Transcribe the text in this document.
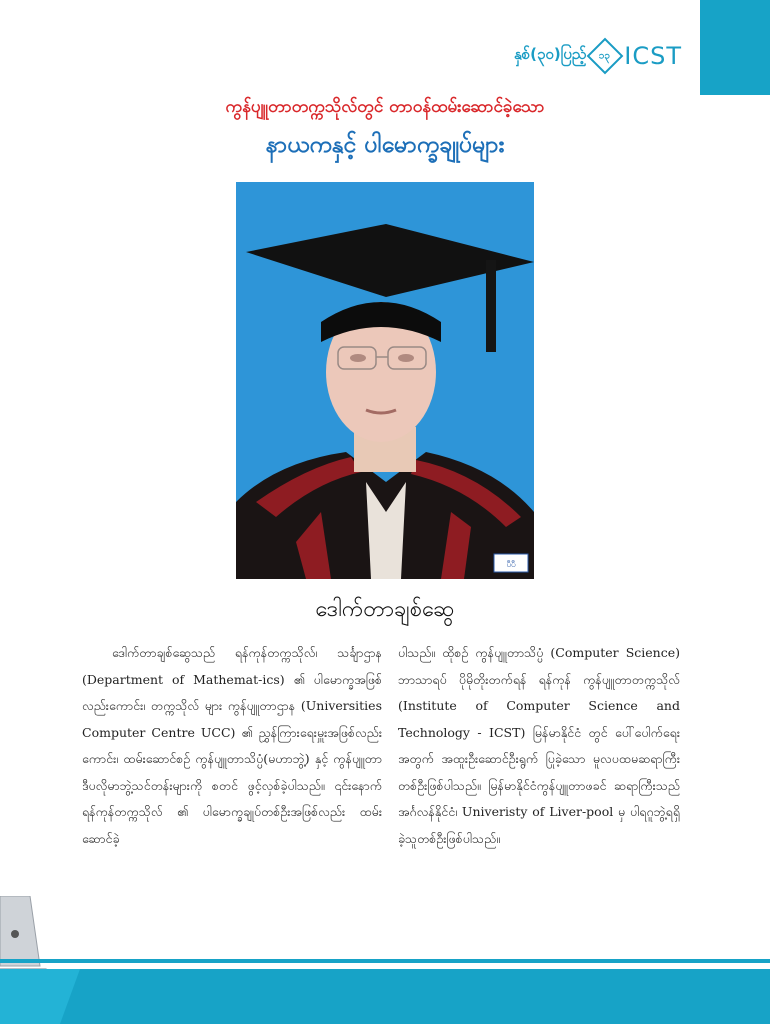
နှစ်(၃၀)ပြည့် ၁၃ ICST
ကွန်ပျူတာတက္ကသိုလ်တွင် တာဝန်ထမ်းဆောင်ခဲ့သော
နာယကနှင့် ပါမောက္ခချုပ်များ
ပီပီ
ဒေါက်တာချစ်ဆွေ
ဒေါက်တာချစ်ဆွေသည် ရန်ကုန်တက္ကသိုလ်၊ သင်္ချာဌာန (Department of Mathemat-ics) ၏ ပါမောက္ခအဖြစ်လည်းကောင်း၊ တက္ကသိုလ် များ ကွန်ပျူတာဌာန (Universities Computer Centre UCC) ၏ ညွှန်ကြားရေးမှူးအဖြစ်လည်း ကောင်း၊ ထမ်းဆောင်စဉ် ကွန်ပျူတာသိပ္ပံ(မဟာဘွဲ့) နှင့် ကွန်ပျူတာဒီပလိုမာဘွဲ့သင်တန်းများကို စတင် ဖွင့်လှစ်ခဲ့ပါသည်။ ၎င်းနောက် ရန်ကုန်တက္ကသိုလ် ၏ ပါမောက္ခချုပ်တစ်ဦးအဖြစ်လည်း ထမ်းဆောင်ခဲ့
ပါသည်။ ထိုစဉ် ကွန်ပျူတာသိပ္ပံ (Computer Science) ဘာသာရပ် ပိုမိုတိုးတက်ရန် ရန်ကုန် ကွန်ပျူတာတက္ကသိုလ် (Institute of Computer Science and Technology - ICST) မြန်မာနိုင်ငံ တွင် ပေါ်ပေါက်ရေးအတွက် အထူးဦးဆောင်ဦးရွက် ပြုခဲ့သော မူလပထမဆရာကြီးတစ်ဦးဖြစ်ပါသည်။ မြန်မာနိုင်ငံကွန်ပျူတာဖခင် ဆရာကြီးသည် အင်္ဂလန်နိုင်ငံ၊ Univeristy of Liver-pool မှ ပါရဂူဘွဲ့ရရှိခဲ့သူတစ်ဦးဖြစ်ပါသည်။
